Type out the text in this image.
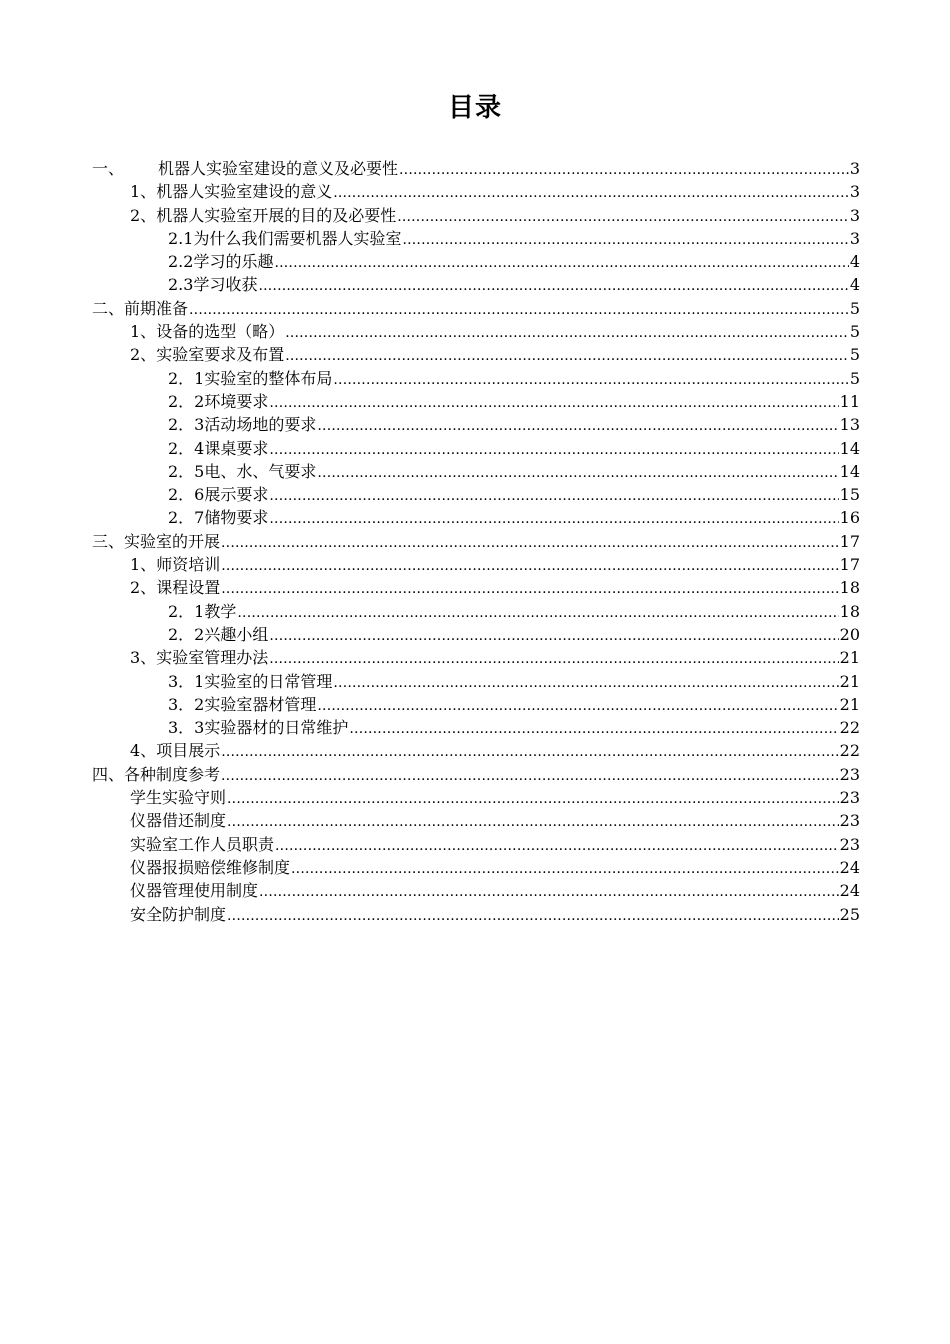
目录
一、	机器人实验室建设的意义及必要性 .....	3
1、 机器人实验室建设的意义 .....	3
2、 机器人实验室开展的目的及必要性 .....	3
2.1 为什么我们需要机器人实验室 .....	3
2.2 学习的乐趣 .....	4
2.3 学习收获 .....	4
二、 前期准备 .....	5
1、 设备的选型（略） .....	5
2、 实验室要求及布置 .....	5
2．1 实验室的整体布局 .....	5
2．2 环境要求 .....	11
2．3 活动场地的要求 .....	13
2．4 课桌要求 .....	14
2．5 电、水、气要求 .....	14
2．6 展示要求 .....	15
2．7 储物要求 .....	16
三、 实验室的开展 .....	17
1、 师资培训 .....	17
2、 课程设置 .....	18
2．1 教学 .....	18
2．2 兴趣小组 .....	20
3、 实验室管理办法 .....	21
3．1 实验室的日常管理 .....	21
3．2 实验室器材管理 .....	21
3．3 实验器材的日常维护 .....	22
4、 项目展示 .....	22
四、 各种制度参考 .....	23
学生实验守则 .....	23
仪器借还制度 .....	23
实验室工作人员职责 .....	23
仪器报损赔偿维修制度 .....	24
仪器管理使用制度 .....	24
安全防护制度 .....	25
